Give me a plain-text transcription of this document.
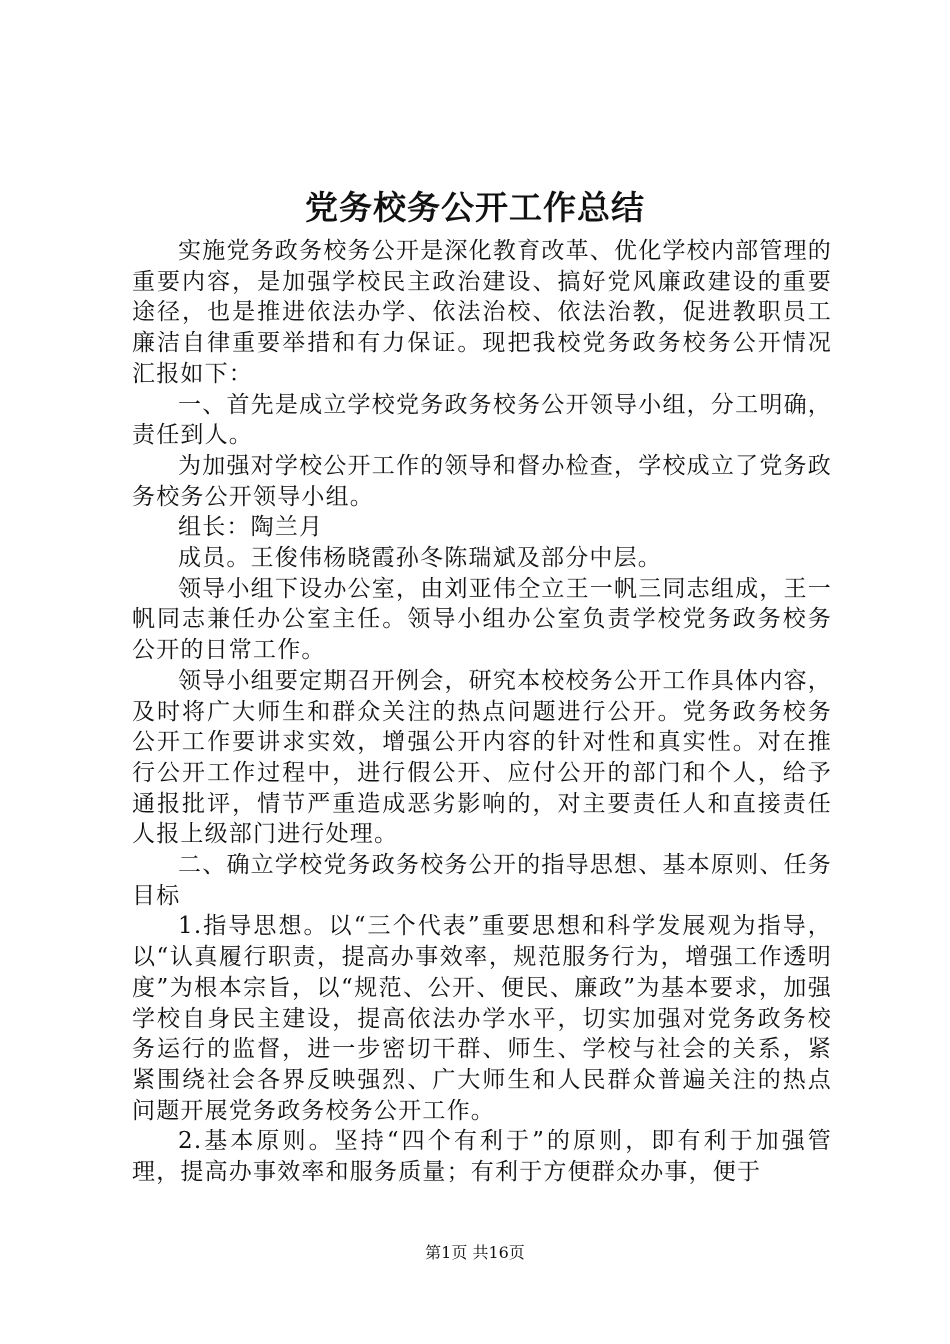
党务校务公开工作总结

实施党务政务校务公开是深化教育改革、优化学校内部管理的重要内容，是加强学校民主政治建设、搞好党风廉政建设的重要途径，也是推进依法办学、依法治校、依法治教，促进教职员工廉洁自律重要举措和有力保证。现把我校党务政务校务公开情况汇报如下：

一、首先是成立学校党务政务校务公开领导小组，分工明确，责任到人。

为加强对学校公开工作的领导和督办检查，学校成立了党务政务校务公开领导小组。

组长：陶兰月

成员。王俊伟杨晓霞孙冬陈瑞斌及部分中层。

领导小组下设办公室，由刘亚伟仝立王一帆三同志组成，王一帆同志兼任办公室主任。领导小组办公室负责学校党务政务校务公开的日常工作。

领导小组要定期召开例会，研究本校校务公开工作具体内容，及时将广大师生和群众关注的热点问题进行公开。党务政务校务公开工作要讲求实效，增强公开内容的针对性和真实性。对在推行公开工作过程中，进行假公开、应付公开的部门和个人，给予通报批评，情节严重造成恶劣影响的，对主要责任人和直接责任人报上级部门进行处理。

二、确立学校党务政务校务公开的指导思想、基本原则、任务目标

1.指导思想。以“三个代表”重要思想和科学发展观为指导，以“认真履行职责，提高办事效率，规范服务行为，增强工作透明度”为根本宗旨，以“规范、公开、便民、廉政”为基本要求，加强学校自身民主建设，提高依法办学水平，切实加强对党务政务校务运行的监督，进一步密切干群、师生、学校与社会的关系，紧紧围绕社会各界反映强烈、广大师生和人民群众普遍关注的热点问题开展党务政务校务公开工作。

2.基本原则。坚持“四个有利于”的原则，即有利于加强管理，提高办事效率和服务质量；有利于方便群众办事，便于

第1页 共16页
